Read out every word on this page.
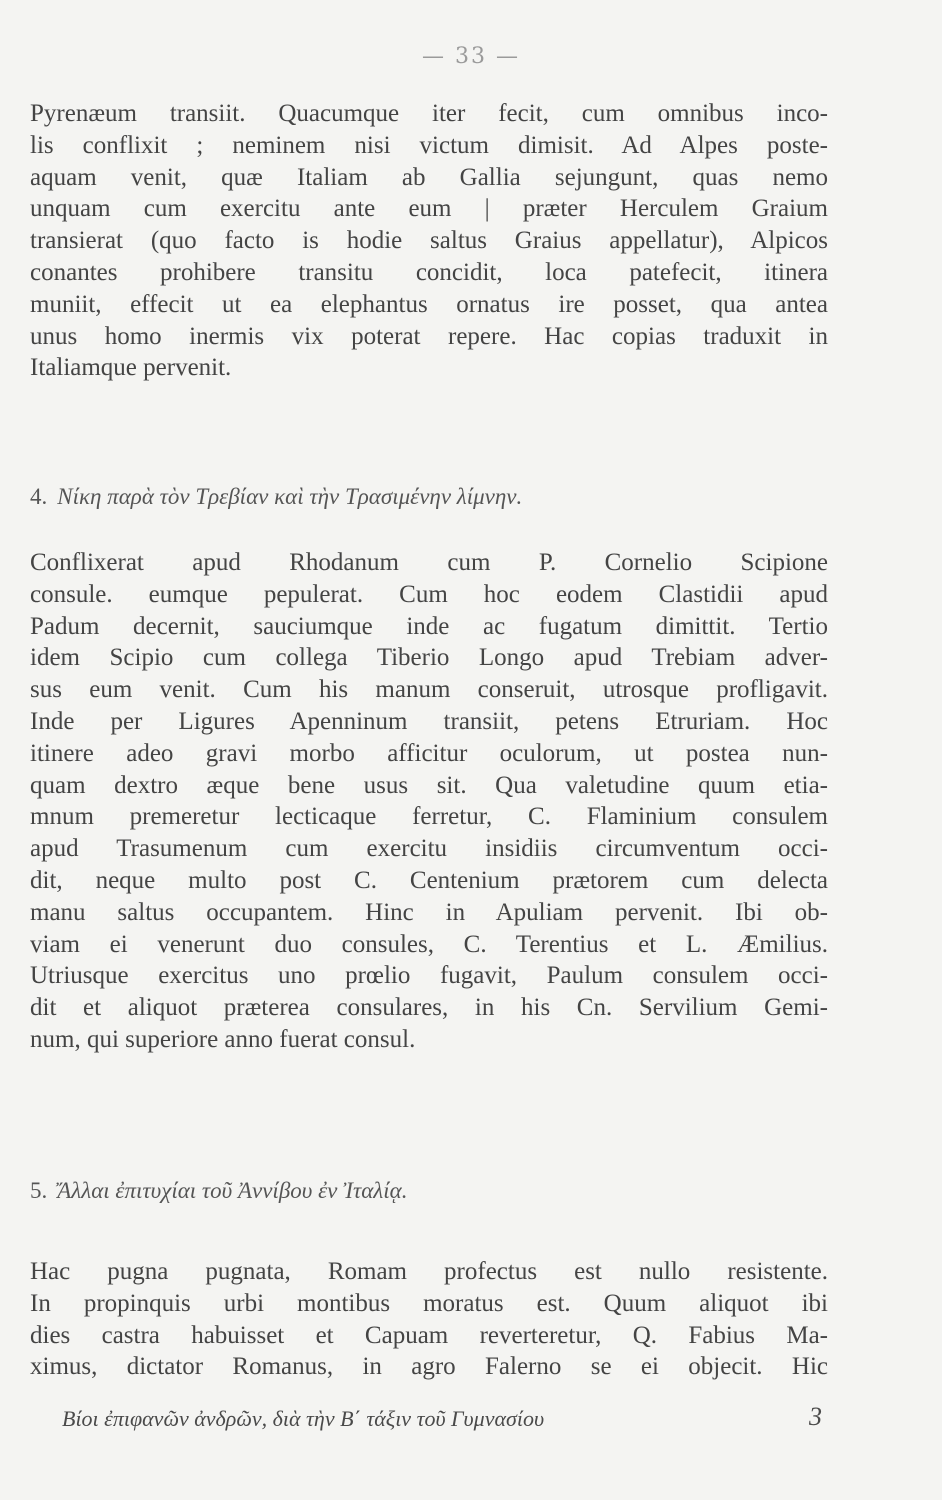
— 33 —
Pyrenæum transiit. Quacumque iter fecit, cum omnibus inco-
lis conflixit ; neminem nisi victum dimisit. Ad Alpes poste-
aquam venit, quæ Italiam ab Gallia sejungunt, quas nemo
unquam cum exercitu ante eum | præter Herculem Graium
transierat (quo facto is hodie saltus Graius appellatur), Alpicos
conantes prohibere transitu concidit, loca patefecit, itinera
muniit, effecit ut ea elephantus ornatus ire posset, qua antea
unus homo inermis vix poterat repere. Hac copias traduxit in
Italiamque pervenit.
4. Νίκη παρὰ τὸν Τρεβίαν καὶ τὴν Τρασιμένην λίμνην.
Conflixerat apud Rhodanum cum P. Cornelio Scipione
consule. eumque pepulerat. Cum hoc eodem Clastidii apud
Padum decernit, sauciumque inde ac fugatum dimittit. Tertio
idem Scipio cum collega Tiberio Longo apud Trebiam adver-
sus eum venit. Cum his manum conseruit, utrosque profligavit.
Inde per Ligures Apenninum transiit, petens Etruriam. Hoc
itinere adeo gravi morbo afficitur oculorum, ut postea nun-
quam dextro æque bene usus sit. Qua valetudine quum etia-
mnum premeretur lecticaque ferretur, C. Flaminium consulem
apud Trasumenum cum exercitu insidiis circumventum occi-
dit, neque multo post C. Centenium prætorem cum delecta
manu saltus occupantem. Hinc in Apuliam pervenit. Ibi ob-
viam ei venerunt duo consules, C. Terentius et L. Æmilius.
Utriusque exercitus uno prœlio fugavit, Paulum consulem occi-
dit et aliquot præterea consulares, in his Cn. Servilium Gemi-
num, qui superiore anno fuerat consul.
5. Ἄλλαι ἐπιτυχίαι τοῦ Ἀννίβου ἐν Ἰταλίᾳ.
Hac pugna pugnata, Romam profectus est nullo resistente.
In propinquis urbi montibus moratus est. Quum aliquot ibi
dies castra habuisset et Capuam reverteretur, Q. Fabius Ma-
ximus, dictator Romanus, in agro Falerno se ei objecit. Hic
Βίοι ἐπιφανῶν ἀνδρῶν, διὰ τὴν Β΄ τάξιν τοῦ Γυμνασίου	3
